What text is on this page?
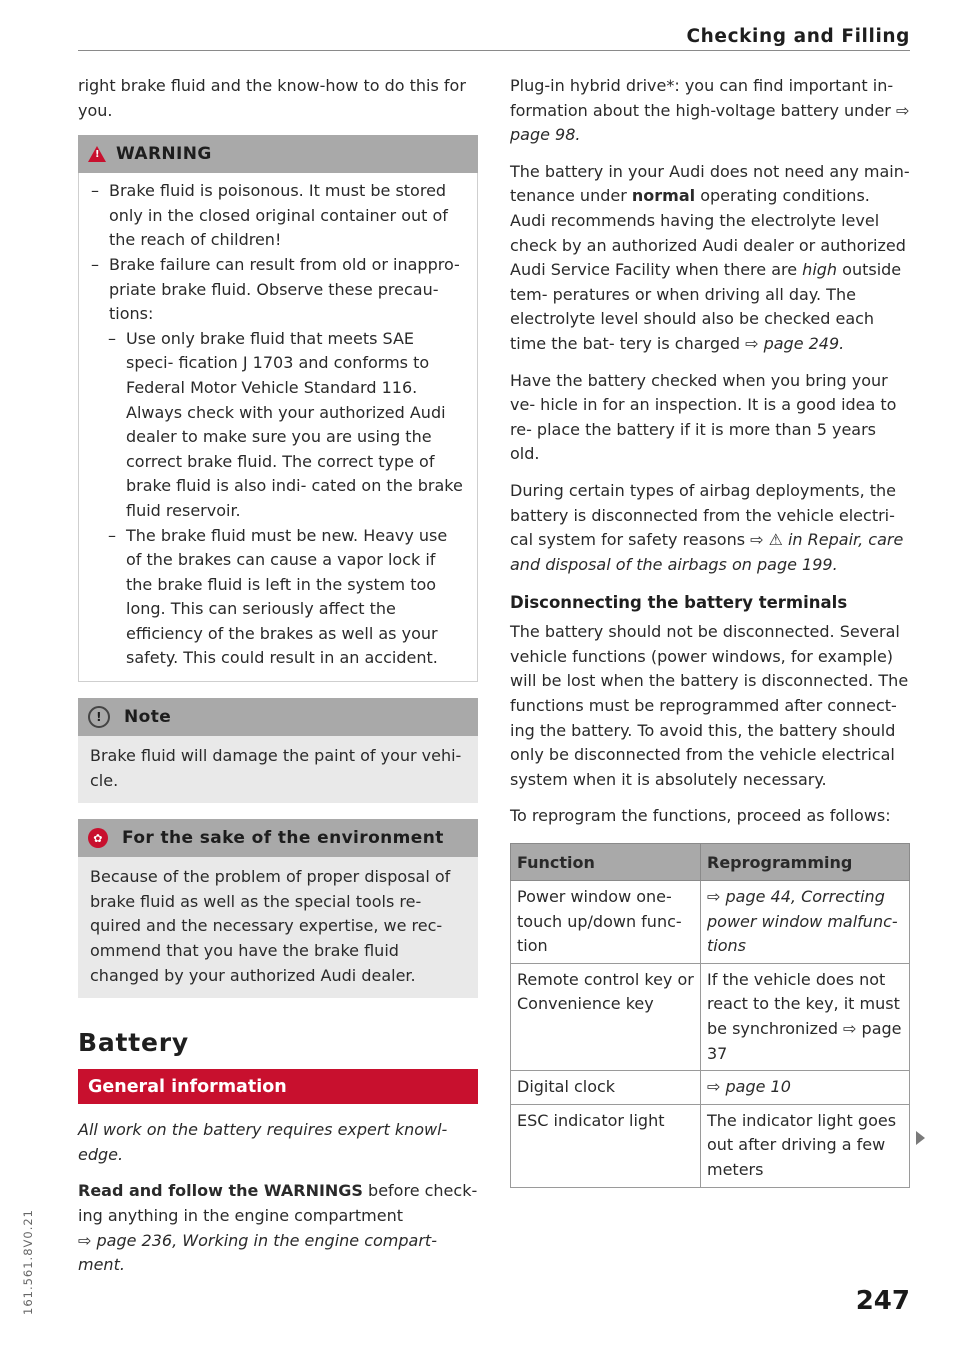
Checking and Filling

right brake fluid and the know-how to do this for you.

!
WARNING

– Brake fluid is poisonous. It must be stored only in the closed original container out of the reach of children!

– Brake failure can result from old or inappro- priate brake fluid. Observe these precau- tions:

– Use only brake fluid that meets SAE speci- fication J 1703 and conforms to Federal Motor Vehicle Standard 116. Always check with your authorized Audi dealer to make sure you are using the correct brake fluid. The correct type of brake fluid is also indi- cated on the brake fluid reservoir.

– The brake fluid must be new. Heavy use of the brakes can cause a vapor lock if the brake fluid is left in the system too long. This can seriously affect the efficiency of the brakes as well as your safety. This could result in an accident.

!	Note

Brake fluid will damage the paint of your vehi- cle.

✿	For the sake of the environment

Because of the problem of proper disposal of brake fluid as well as the special tools re- quired and the necessary expertise, we rec- ommend that you have the brake fluid changed by your authorized Audi dealer.

Battery
General information

All work on the battery requires expert knowl- edge.

Read and follow the WARNINGS before check- ing anything in the engine compartment

⇨ page 236, Working in the engine compart- ment.

Plug-in hybrid drive*: you can find important in- formation about the high-voltage battery under ⇨ page 98.

The battery in your Audi does not need any main- tenance under normal operating conditions. Audi recommends having the electrolyte level check by an authorized Audi dealer or authorized Audi Service Facility when there are high outside tem- peratures or when driving all day. The electrolyte level should also be checked each time the bat- tery is charged ⇨ page 249.

Have the battery checked when you bring your ve- hicle in for an inspection. It is a good idea to re- place the battery if it is more than 5 years old.

During certain types of airbag deployments, the battery is disconnected from the vehicle electri- cal system for safety reasons ⇨ ⚠ in Repair, care and disposal of the airbags on page 199.

Disconnecting the battery terminals

The battery should not be disconnected. Several vehicle functions (power windows, for example) will be lost when the battery is disconnected. The functions must be reprogrammed after connect- ing the battery. To avoid this, the battery should only be disconnected from the vehicle electrical system when it is absolutely necessary.

To reprogram the functions, proceed as follows:

Function	Reprogramming
Power window one- touch up/down func- tion	⇨ page 44, Correcting power window malfunc- tions
Remote control key or Convenience key	If the vehicle does not react to the key, it must be synchronized ⇨ page 37
Digital clock	⇨ page 10
ESC indicator light	The indicator light goes out after driving a few meters
247
161.561.8V0.21
